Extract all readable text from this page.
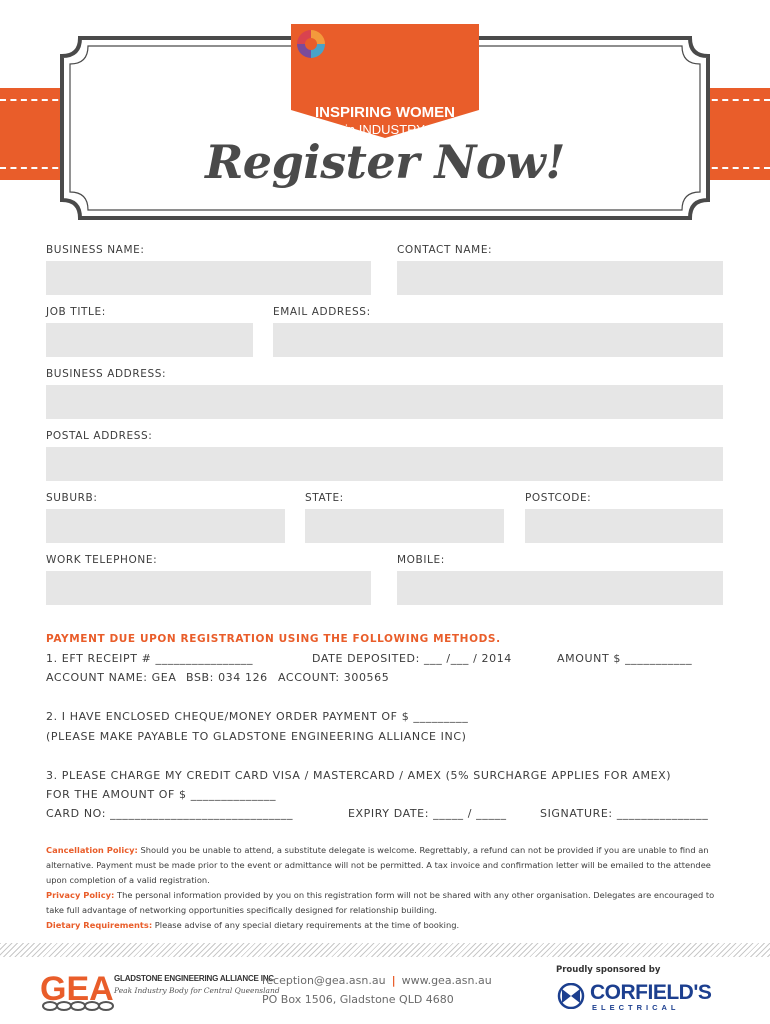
INSPIRING WOMEN
in INDUSTRY
Register Now!
BUSINESS NAME:	CONTACT NAME:
JOB TITLE:	EMAIL ADDRESS:
BUSINESS ADDRESS:
POSTAL ADDRESS:
SUBURB:	STATE:	POSTCODE:
WORK TELEPHONE:	MOBILE:
PAYMENT DUE UPON REGISTRATION USING THE FOLLOWING METHODS.
1. EFT RECEIPT # ________________	DATE DEPOSITED: ___ /___ / 2014	AMOUNT $ ___________
ACCOUNT NAME: GEA BSB: 034 126 ACCOUNT: 300565
2. I HAVE ENCLOSED CHEQUE/MONEY ORDER PAYMENT OF $ _________
(PLEASE MAKE PAYABLE TO GLADSTONE ENGINEERING ALLIANCE INC)
3. PLEASE CHARGE MY CREDIT CARD VISA / MASTERCARD / AMEX (5% SURCHARGE APPLIES FOR AMEX)
FOR THE AMOUNT OF $ ______________
CARD NO: ______________________________	EXPIRY DATE: _____ / _____	SIGNATURE: _______________
Cancellation Policy: Should you be unable to attend, a substitute delegate is welcome. Regrettably, a refund can not be provided if you are unable to find an alternative. Payment must be made prior to the event or admittance will not be permitted. A tax invoice and confirmation letter will be emailed to the attendee upon completion of a valid registration.
Privacy Policy: The personal information provided by you on this registration form will not be shared with any other organisation. Delegates are encouraged to take full advantage of networking opportunities specifically designed for relationship building.
Dietary Requirements: Please advise of any special dietary requirements at the time of booking.
GEA GLADSTONE ENGINEERING ALLIANCE INC
Peak Industry Body for Central Queensland
reception@gea.asn.au | www.gea.asn.au
PO Box 1506, Gladstone QLD 4680
Proudly sponsored by
CORFIELD'S
ELECTRICAL
